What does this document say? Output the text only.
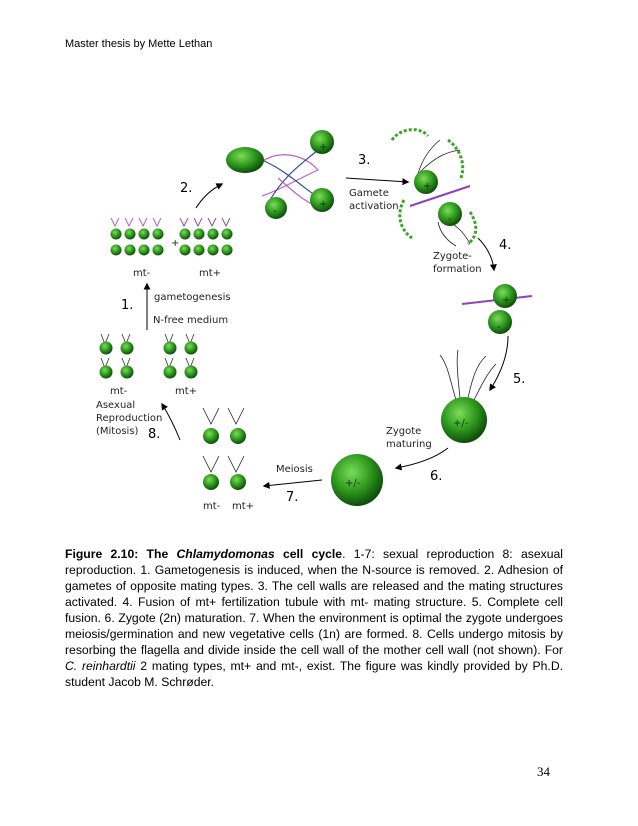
Master thesis by Mette Lethan
+
mt-	mt+
1.
gametogenesis
N-free medium
mt-	mt+
Asexual
Reproduction
(Mitosis) 8.
2.
+
-
+
3.
Gamete
activation
+
-
4.
Zygote-
formation
+
-
5.
+/-
Zygote
maturing
6.
+/-
Meiosis
7.
mt- mt+
Figure 2.10: The Chlamydomonas cell cycle. 1-7: sexual reproduction 8: asexual reproduction. 1. Gametogenesis is induced, when the N-source is removed. 2. Adhesion of gametes of opposite mating types. 3. The cell walls are released and the mating structures activated. 4. Fusion of mt+ fertilization tubule with mt- mating structure. 5. Complete cell fusion. 6. Zygote (2n) maturation. 7. When the environment is optimal the zygote undergoes meiosis/germination and new vegetative cells (1n) are formed. 8. Cells undergo mitosis by resorbing the flagella and divide inside the cell wall of the mother cell wall (not shown). For C. reinhardtii 2 mating types, mt+ and mt-, exist. The figure was kindly provided by Ph.D. student Jacob M. Schrøder.
34
